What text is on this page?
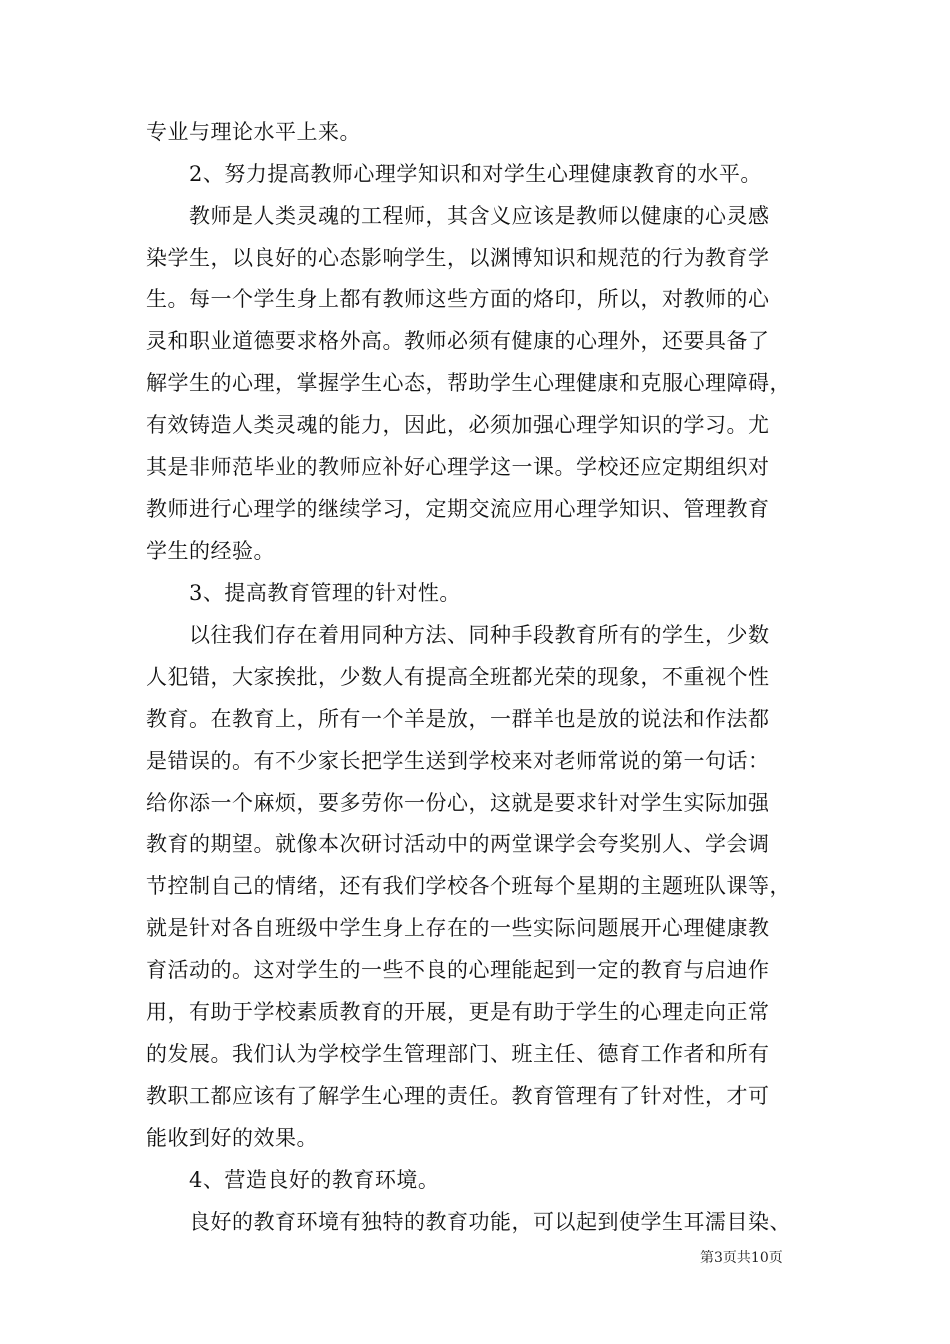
专业与理论水平上来。
　　2、努力提高教师心理学知识和对学生心理健康教育的水平。
　　教师是人类灵魂的工程师，其含义应该是教师以健康的心灵感
染学生，以良好的心态影响学生，以渊博知识和规范的行为教育学
生。每一个学生身上都有教师这些方面的烙印，所以，对教师的心
灵和职业道德要求格外高。教师必须有健康的心理外，还要具备了
解学生的心理，掌握学生心态，帮助学生心理健康和克服心理障碍，
有效铸造人类灵魂的能力，因此，必须加强心理学知识的学习。尤
其是非师范毕业的教师应补好心理学这一课。学校还应定期组织对
教师进行心理学的继续学习，定期交流应用心理学知识、管理教育
学生的经验。
　　3、提高教育管理的针对性。
　　以往我们存在着用同种方法、同种手段教育所有的学生，少数
人犯错，大家挨批，少数人有提高全班都光荣的现象，不重视个性
教育。在教育上，所有一个羊是放，一群羊也是放的说法和作法都
是错误的。有不少家长把学生送到学校来对老师常说的第一句话：
给你添一个麻烦，要多劳你一份心，这就是要求针对学生实际加强
教育的期望。就像本次研讨活动中的两堂课学会夸奖别人、学会调
节控制自己的情绪，还有我们学校各个班每个星期的主题班队课等，
就是针对各自班级中学生身上存在的一些实际问题展开心理健康教
育活动的。这对学生的一些不良的心理能起到一定的教育与启迪作
用，有助于学校素质教育的开展，更是有助于学生的心理走向正常
的发展。我们认为学校学生管理部门、班主任、德育工作者和所有
教职工都应该有了解学生心理的责任。教育管理有了针对性，才可
能收到好的效果。
　　4、营造良好的教育环境。
　　良好的教育环境有独特的教育功能，可以起到使学生耳濡目染、
第3页共10页
